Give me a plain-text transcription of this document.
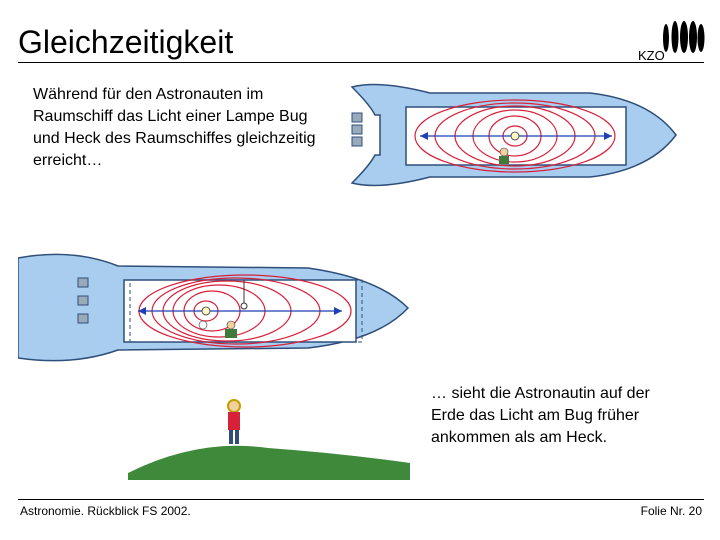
Gleichzeitigkeit	KZO
Während für den Astronauten im Raumschiff das Licht einer Lampe Bug und Heck des Raumschiffes gleichzeitig erreicht…
… sieht die Astronautin auf der Erde das Licht am Bug früher ankommen als am Heck.
Astronomie. Rückblick FS 2002.	Folie Nr. 20
